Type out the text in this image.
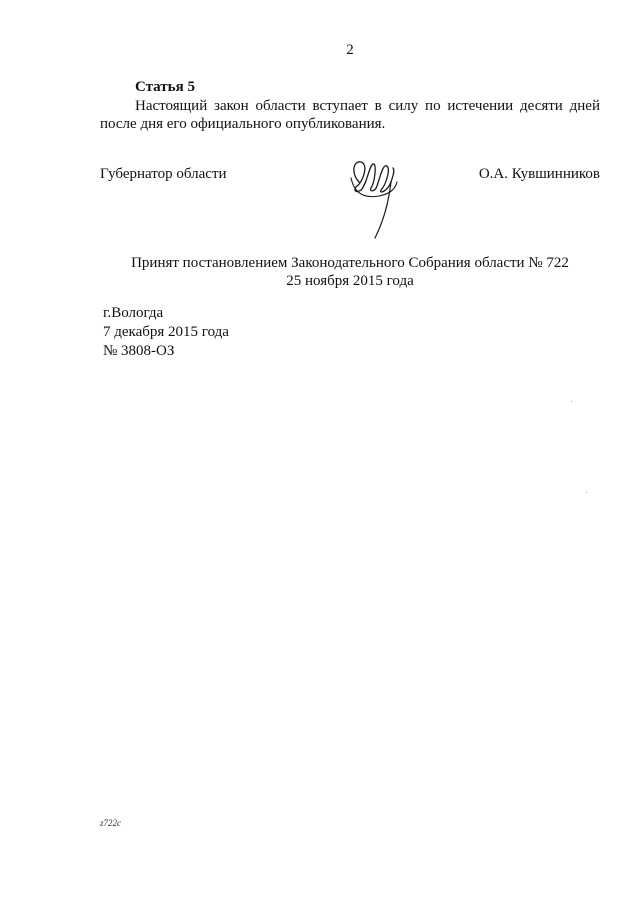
2
Статья 5

Настоящий закон области вступает в силу по истечении десяти дней после дня его официального опубликования.

Губернатор области	О.А. Кувшинников
Принят постановлением Законодательного Собрания области № 722
25 ноября 2015 года
г.Вологда
7 декабря 2015 года
№ 3808-ОЗ
z722c
